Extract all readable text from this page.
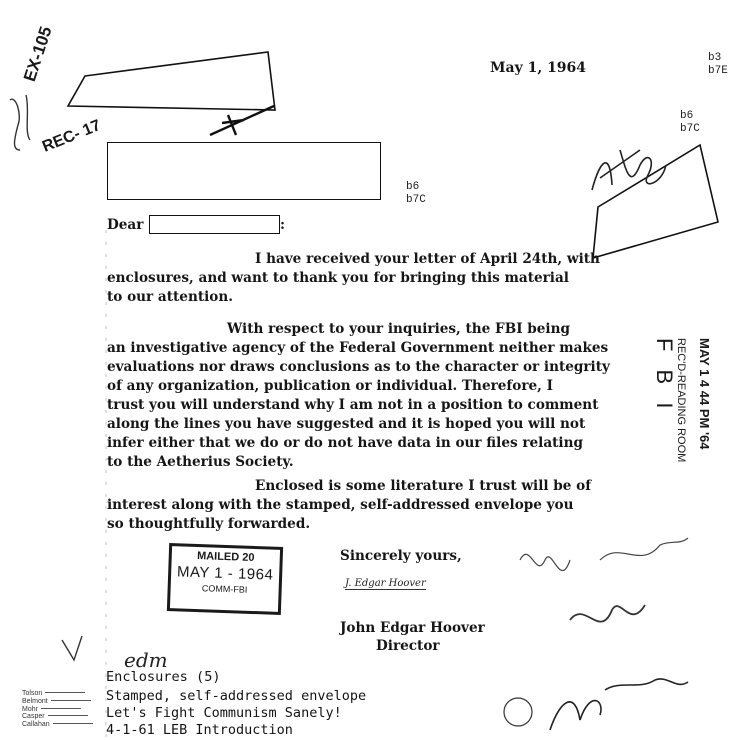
EX-105
REC- 17
May 1, 1964
b3
b7E
b6
b7C
b6
b7C
Dear	:
I have received your letter of April 24th, with
enclosures, and want to thank you for bringing this material
to our attention.
With respect to your inquiries, the FBI being
an investigative agency of the Federal Government neither makes
evaluations nor draws conclusions as to the character or integrity
of any organization, publication or individual. Therefore, I
trust you will understand why I am not in a position to comment
along the lines you have suggested and it is hoped you will not
infer either that we do or do not have data in our files relating
to the Aetherius Society.
Enclosed is some literature I trust will be of
interest along with the stamped, self-addressed envelope you
so thoughtfully forwarded.
MAY 1 4 44 PM '64
REC'D-READING ROOM
F B I
Sincerely yours,
J. Edgar Hoover
John Edgar Hoover
Director
MAILED 20
MAY 1 - 1964
COMM-FBI
edm
Enclosures (5)
Stamped, self-addressed envelope
Let's Fight Communism Sanely!
4-1-61 LEB Introduction
Tolson
Belmont
Mohr
Casper
Callahan
